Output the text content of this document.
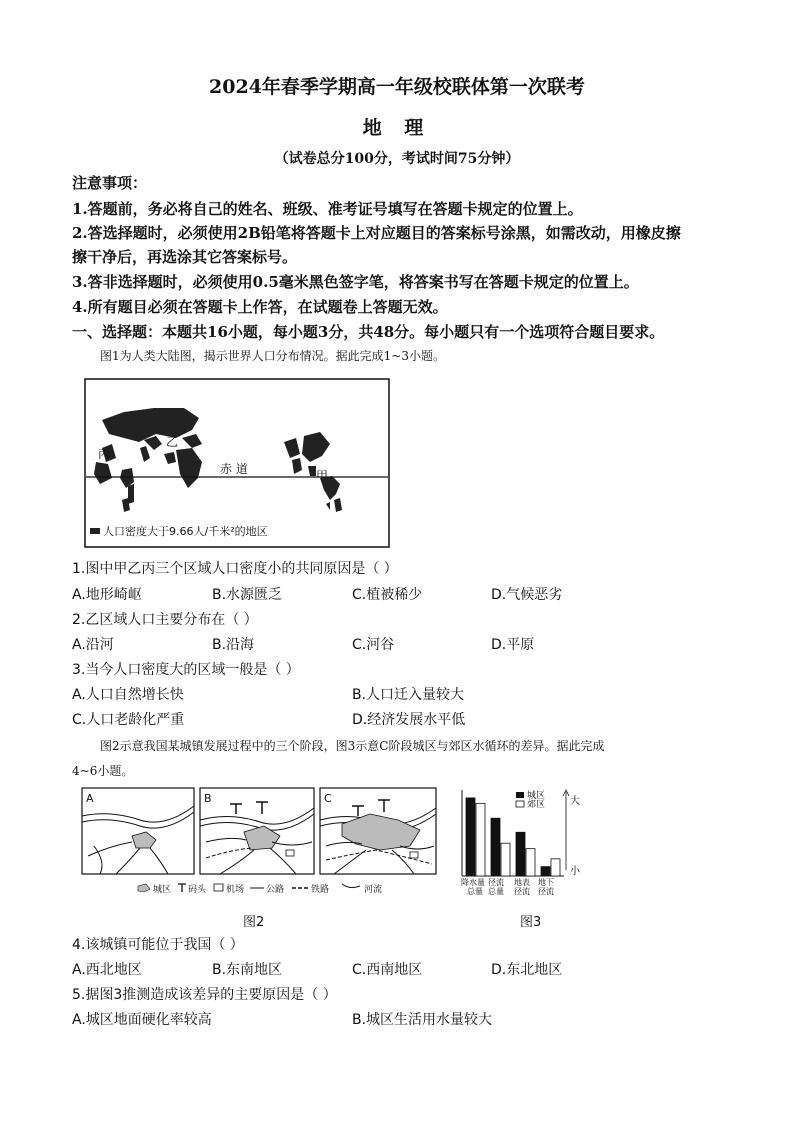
2024年春季学期高一年级校联体第一次联考
地 理
（试卷总分100分，考试时间75分钟）
注意事项：
1.答题前，务必将自己的姓名、班级、准考证号填写在答题卡规定的位置上。
2.答选择题时，必须使用2B铅笔将答题卡上对应题目的答案标号涂黑，如需改动，用橡皮擦
擦干净后，再选涂其它答案标号。
3.答非选择题时，必须使用0.5毫米黑色签字笔，将答案书写在答题卡规定的位置上。
4.所有题目必须在答题卡上作答，在试题卷上答题无效。
一、选择题：本题共16小题，每小题3分，共48分。每小题只有一个选项符合题目要求。
图1为人类大陆图，揭示世界人口分布情况。据此完成1~3小题。
丙
乙
甲
赤 道
人口密度大于9.66人/千米²的地区
1.图中甲乙丙三个区域人口密度小的共同原因是（ ）
A.地形崎岖	B.水源匮乏	C.植被稀少	D.气候恶劣
2.乙区域人口主要分布在（ ）
A.沿河	B.沿海	C.河谷	D.平原
3.当今人口密度大的区域一般是（ ）
A.人口自然增长快	B.人口迁入量较大
C.人口老龄化严重	D.经济发展水平低
图2示意我国某城镇发展过程中的三个阶段，图3示意C阶段城区与郊区水循环的差异。据此完成
4~6小题。
A	B	C
城区 码头 机场 公路	铁路	河流
图2
大
小
城区
郊区
降水量
总量
径流
总量
地表
径流
地下
径流
图3
4.该城镇可能位于我国（ ）
A.西北地区	B.东南地区	C.西南地区	D.东北地区
5.据图3推测造成该差异的主要原因是（ ）
A.城区地面硬化率较高	B.城区生活用水量较大
